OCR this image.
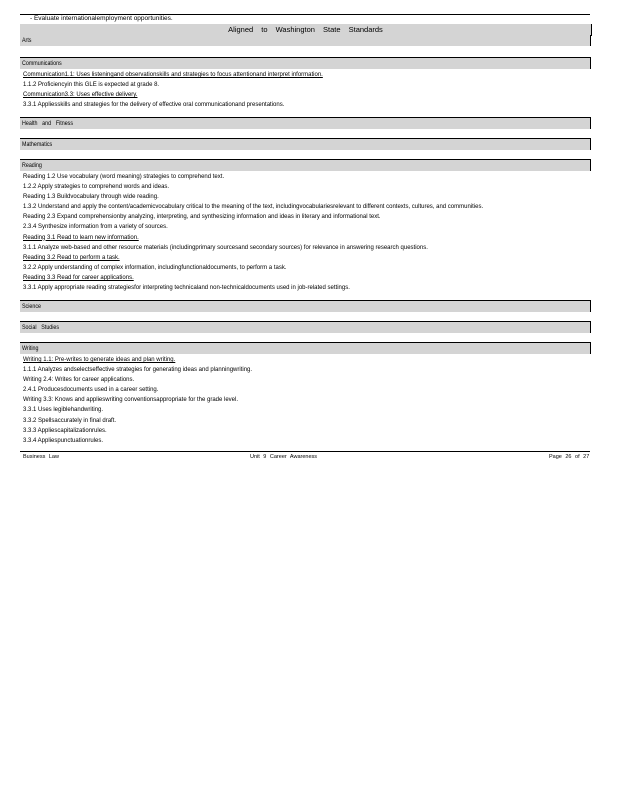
- Evaluate internationalemployment opportunities.
Aligned to Washington State Standards
Arts
Communications
Communication1.1: Uses listeningand observationskills and strategies to focus attentionand interpret information.
1.1.2 Proficiencyin this GLE is expected at grade 8.
Communication3.3: Uses effective delivery.
3.3.1 Appliesskills and strategies for the delivery of effective oral communicationand presentations.
Health and Fitness
Mathematics
Reading
Reading 1.2 Use vocabulary (word meaning) strategies to comprehend text.
1.2.2 Apply strategies to comprehend words and ideas.
Reading 1.3 Buildvocabulary through wide reading.
1.3.2 Understand and apply the content/academicvocabulary critical to the meaning of the text, includingvocabulariesrelevant to different contexts, cultures, and communities.
Reading 2.3 Expand comprehensionby analyzing, interpreting, and synthesizing information and ideas in literary and informational text.
2.3.4 Synthesize information from a variety of sources.
Reading 3.1 Read to learn new information.
3.1.1 Analyze web-based and other resource materials (includingprimary sourcesand secondary sources) for relevance in answering research questions.
Reading 3.2 Read to perform a task.
3.2.2 Apply understanding of complex information, includingfunctionaldocuments, to perform a task.
Reading 3.3 Read for career applications.
3.3.1 Apply appropriate reading strategiesfor interpreting technicaland non-technicaldocuments used in job-related settings.
Science
Social Studies
Writing
Writing 1.1: Pre-writes to generate ideas and plan writing.
1.1.1 Analyzes andselectseffective strategies for generating ideas and planningwriting.
Writing 2.4: Writes for career applications.
2.4.1 Producesdocuments used in a career setting.
Writing 3.3: Knows and applieswriting conventionsappropriate for the grade level.
3.3.1 Uses legiblehandwriting.
3.3.2 Spellsaccurately in final draft.
3.3.3 Appliescapitalizationrules.
3.3.4 Appliespunctuationrules.
Business Law	Unit 9 Career Awareness	Page 26 of 27
